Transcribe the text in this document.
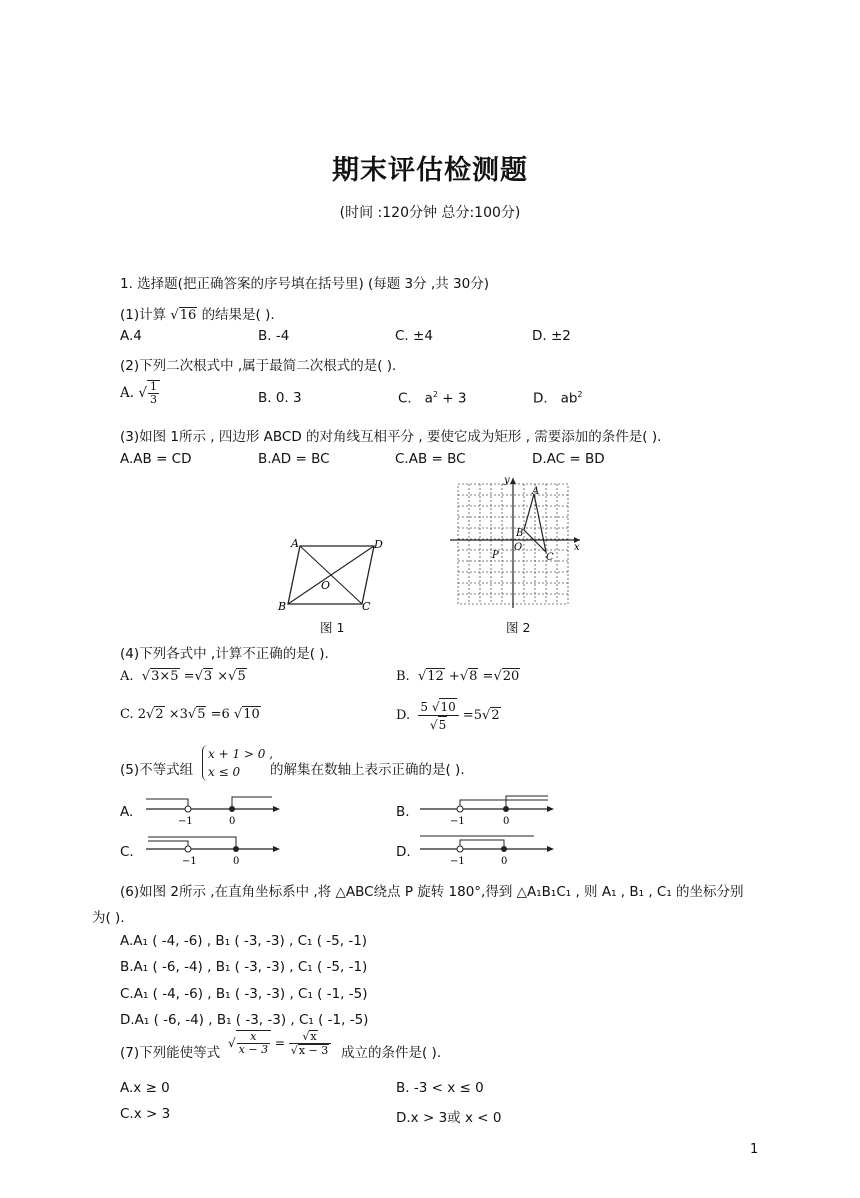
期末评估检测题
(时间 :120分钟 总分:100分)
1. 选择题(把正确答案的序号填在括号里) (每题 3分 ,共 30分)
(1)计算 √16 的结果是( ).
A.4	B. -4	C. ±4	D. ±2
(2)下列二次根式中 ,属于最简二次根式的是( ).
A. √ $\frac{1}{3}$	B. 0. 3	C. $a^2 + 3$	D. $ab^2$
(3)如图 1所示 , 四边形 ABCD 的对角线互相平分 , 要使它成为矩形 , 需要添加的条件是( ).
A.AB = CD	B.AD = BC	C.AB = BC	D.AC = BD
A	D
B	C
O
图 1
y
x
A
B
O
P	C
图 2
(4)下列各式中 ,计算不正确的是( ).
A.  √3×5 =√3 ×√5	B.  √12 +√8 =√20
C. 2√2 ×3√5 =6 √10	D. $\frac{5 √10}{√5} =5√2$
(5)不等式组
x + 1 > 0 ,
x ≤ 0	的解集在数轴上表示正确的是( ).
A.
−1	0
B.
−1	0
C.
−1	0
D.
−1	0
(6)如图 2所示 ,在直角坐标系中 ,将 △ABC绕点 P 旋转 180°,得到 △A₁B₁C₁ , 则 A₁ , B₁ , C₁ 的坐标分别
为( ).
A.A₁ ( -4, -6) , B₁ ( -3, -3) , C₁ ( -5, -1)
B.A₁ ( -6, -4) , B₁ ( -3, -3) , C₁ ( -5, -1)
C.A₁ ( -4, -6) , B₁ ( -3, -3) , C₁ ( -1, -5)
D.A₁ ( -6, -4) , B₁ ( -3, -3) , C₁ ( -1, -5)
(7)下列能使等式
√ $\frac{x}{x - 3} = \frac{√x}{√x - 3}$ 成立的条件是( ).
A.x ≥ 0	B. -3 < x ≤ 0
C.x > 3	D.x > 3或 x < 0
1
